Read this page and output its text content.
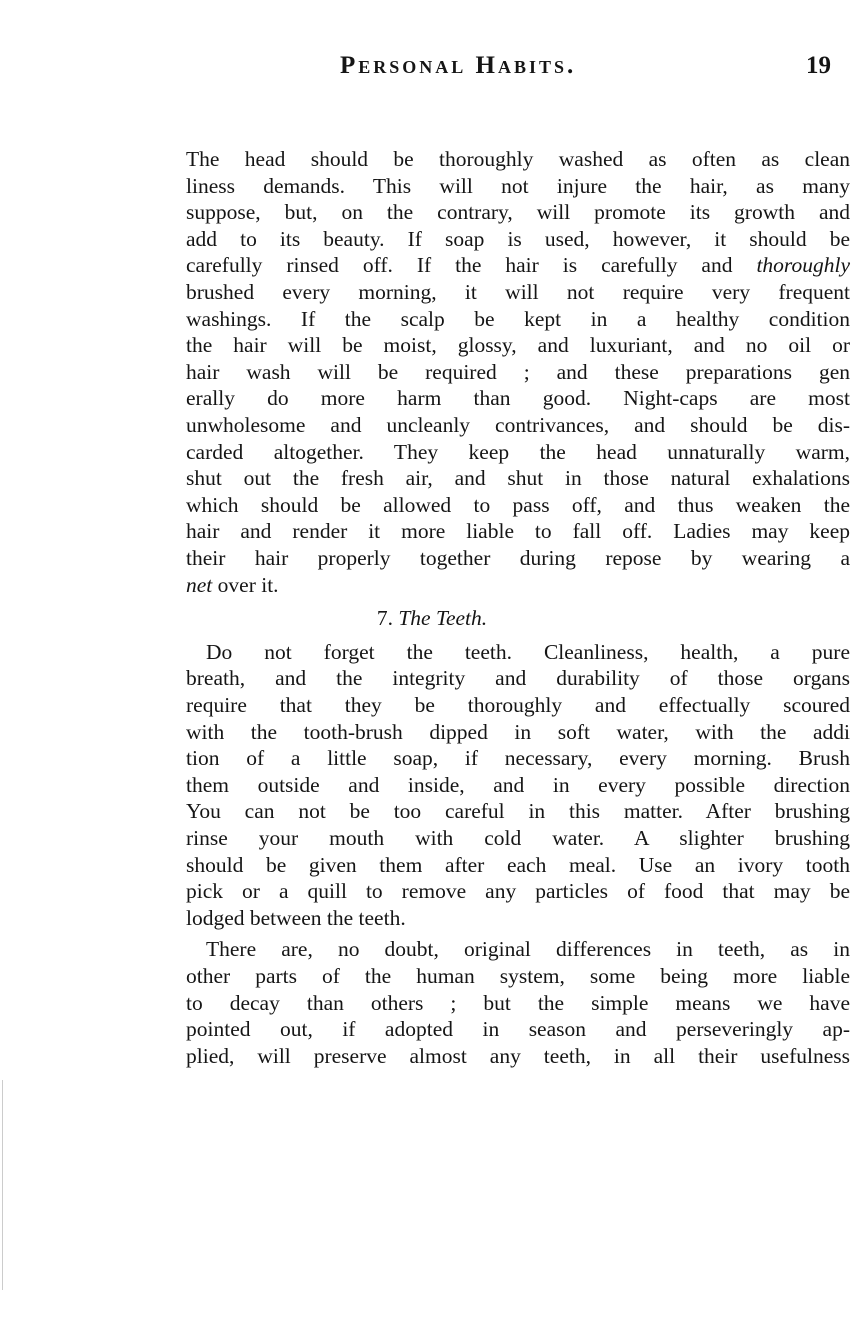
Personal Habits.	19
The head should be thoroughly washed as often as clean
liness demands. This will not injure the hair, as many
suppose, but, on the contrary, will promote its growth and
add to its beauty. If soap is used, however, it should be
carefully rinsed off. If the hair is carefully and thoroughly
brushed every morning, it will not require very frequent
washings. If the scalp be kept in a healthy condition
the hair will be moist, glossy, and luxuriant, and no oil or
hair wash will be required ; and these preparations gen
erally do more harm than good. Night-caps are most
unwholesome and uncleanly contrivances, and should be dis-
carded altogether. They keep the head unnaturally warm,
shut out the fresh air, and shut in those natural exhalations
which should be allowed to pass off, and thus weaken the
hair and render it more liable to fall off. Ladies may keep
their hair properly together during repose by wearing a
net over it.
7. The Teeth.
Do not forget the teeth. Cleanliness, health, a pure
breath, and the integrity and durability of those organs
require that they be thoroughly and effectually scoured
with the tooth-brush dipped in soft water, with the addi
tion of a little soap, if necessary, every morning. Brush
them outside and inside, and in every possible direction
You can not be too careful in this matter. After brushing
rinse your mouth with cold water. A slighter brushing
should be given them after each meal. Use an ivory tooth
pick or a quill to remove any particles of food that may be
lodged between the teeth.
There are, no doubt, original differences in teeth, as in
other parts of the human system, some being more liable
to decay than others ; but the simple means we have
pointed out, if adopted in season and perseveringly ap-
plied, will preserve almost any teeth, in all their usefulness
